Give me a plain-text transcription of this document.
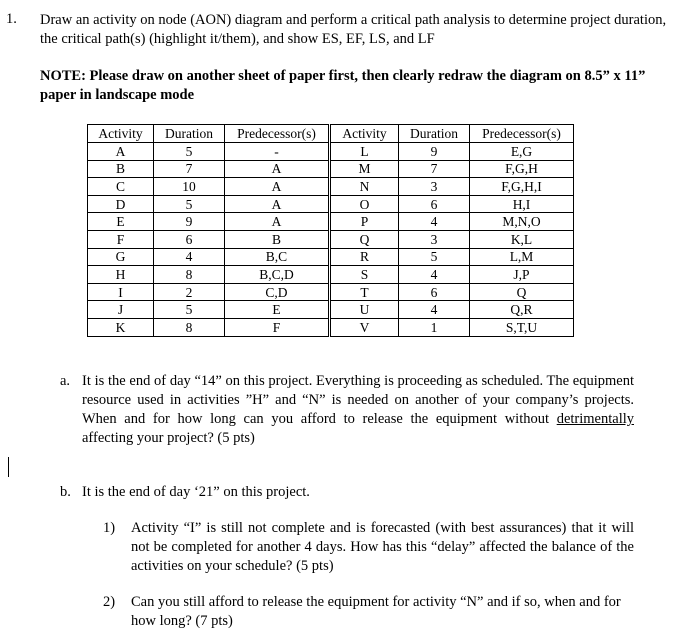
1. Draw an activity on node (AON) diagram and perform a critical path analysis to determine project duration, the critical path(s) (highlight it/them), and show ES, EF, LS, and LF
NOTE: Please draw on another sheet of paper first, then clearly redraw the diagram on 8.5” x 11” paper in landscape mode
Activity	Duration	Predecessor(s)	Activity	Duration	Predecessor(s)
A	5	-	L	9	E,G
B	7	A	M	7	F,G,H
C	10	A	N	3	F,G,H,I
D	5	A	O	6	H,I
E	9	A	P	4	M,N,O
F	6	B	Q	3	K,L
G	4	B,C	R	5	L,M
H	8	B,C,D	S	4	J,P
I	2	C,D	T	6	Q
J	5	E	U	4	Q,R
K	8	F	V	1	S,T,U
a. It is the end of day “14” on this project. Everything is proceeding as scheduled. The equipment resource used in activities ”H” and “N” is needed on another of your company’s projects. When and for how long can you afford to release the equipment without detrimentally affecting your project? (5 pts)
b. It is the end of day ‘21” on this project.
1) Activity “I” is still not complete and is forecasted (with best assurances) that it will not be completed for another 4 days. How has this “delay” affected the balance of the activities on your schedule? (5 pts)
2) Can you still afford to release the equipment for activity “N” and if so, when and for how long? (7 pts)
